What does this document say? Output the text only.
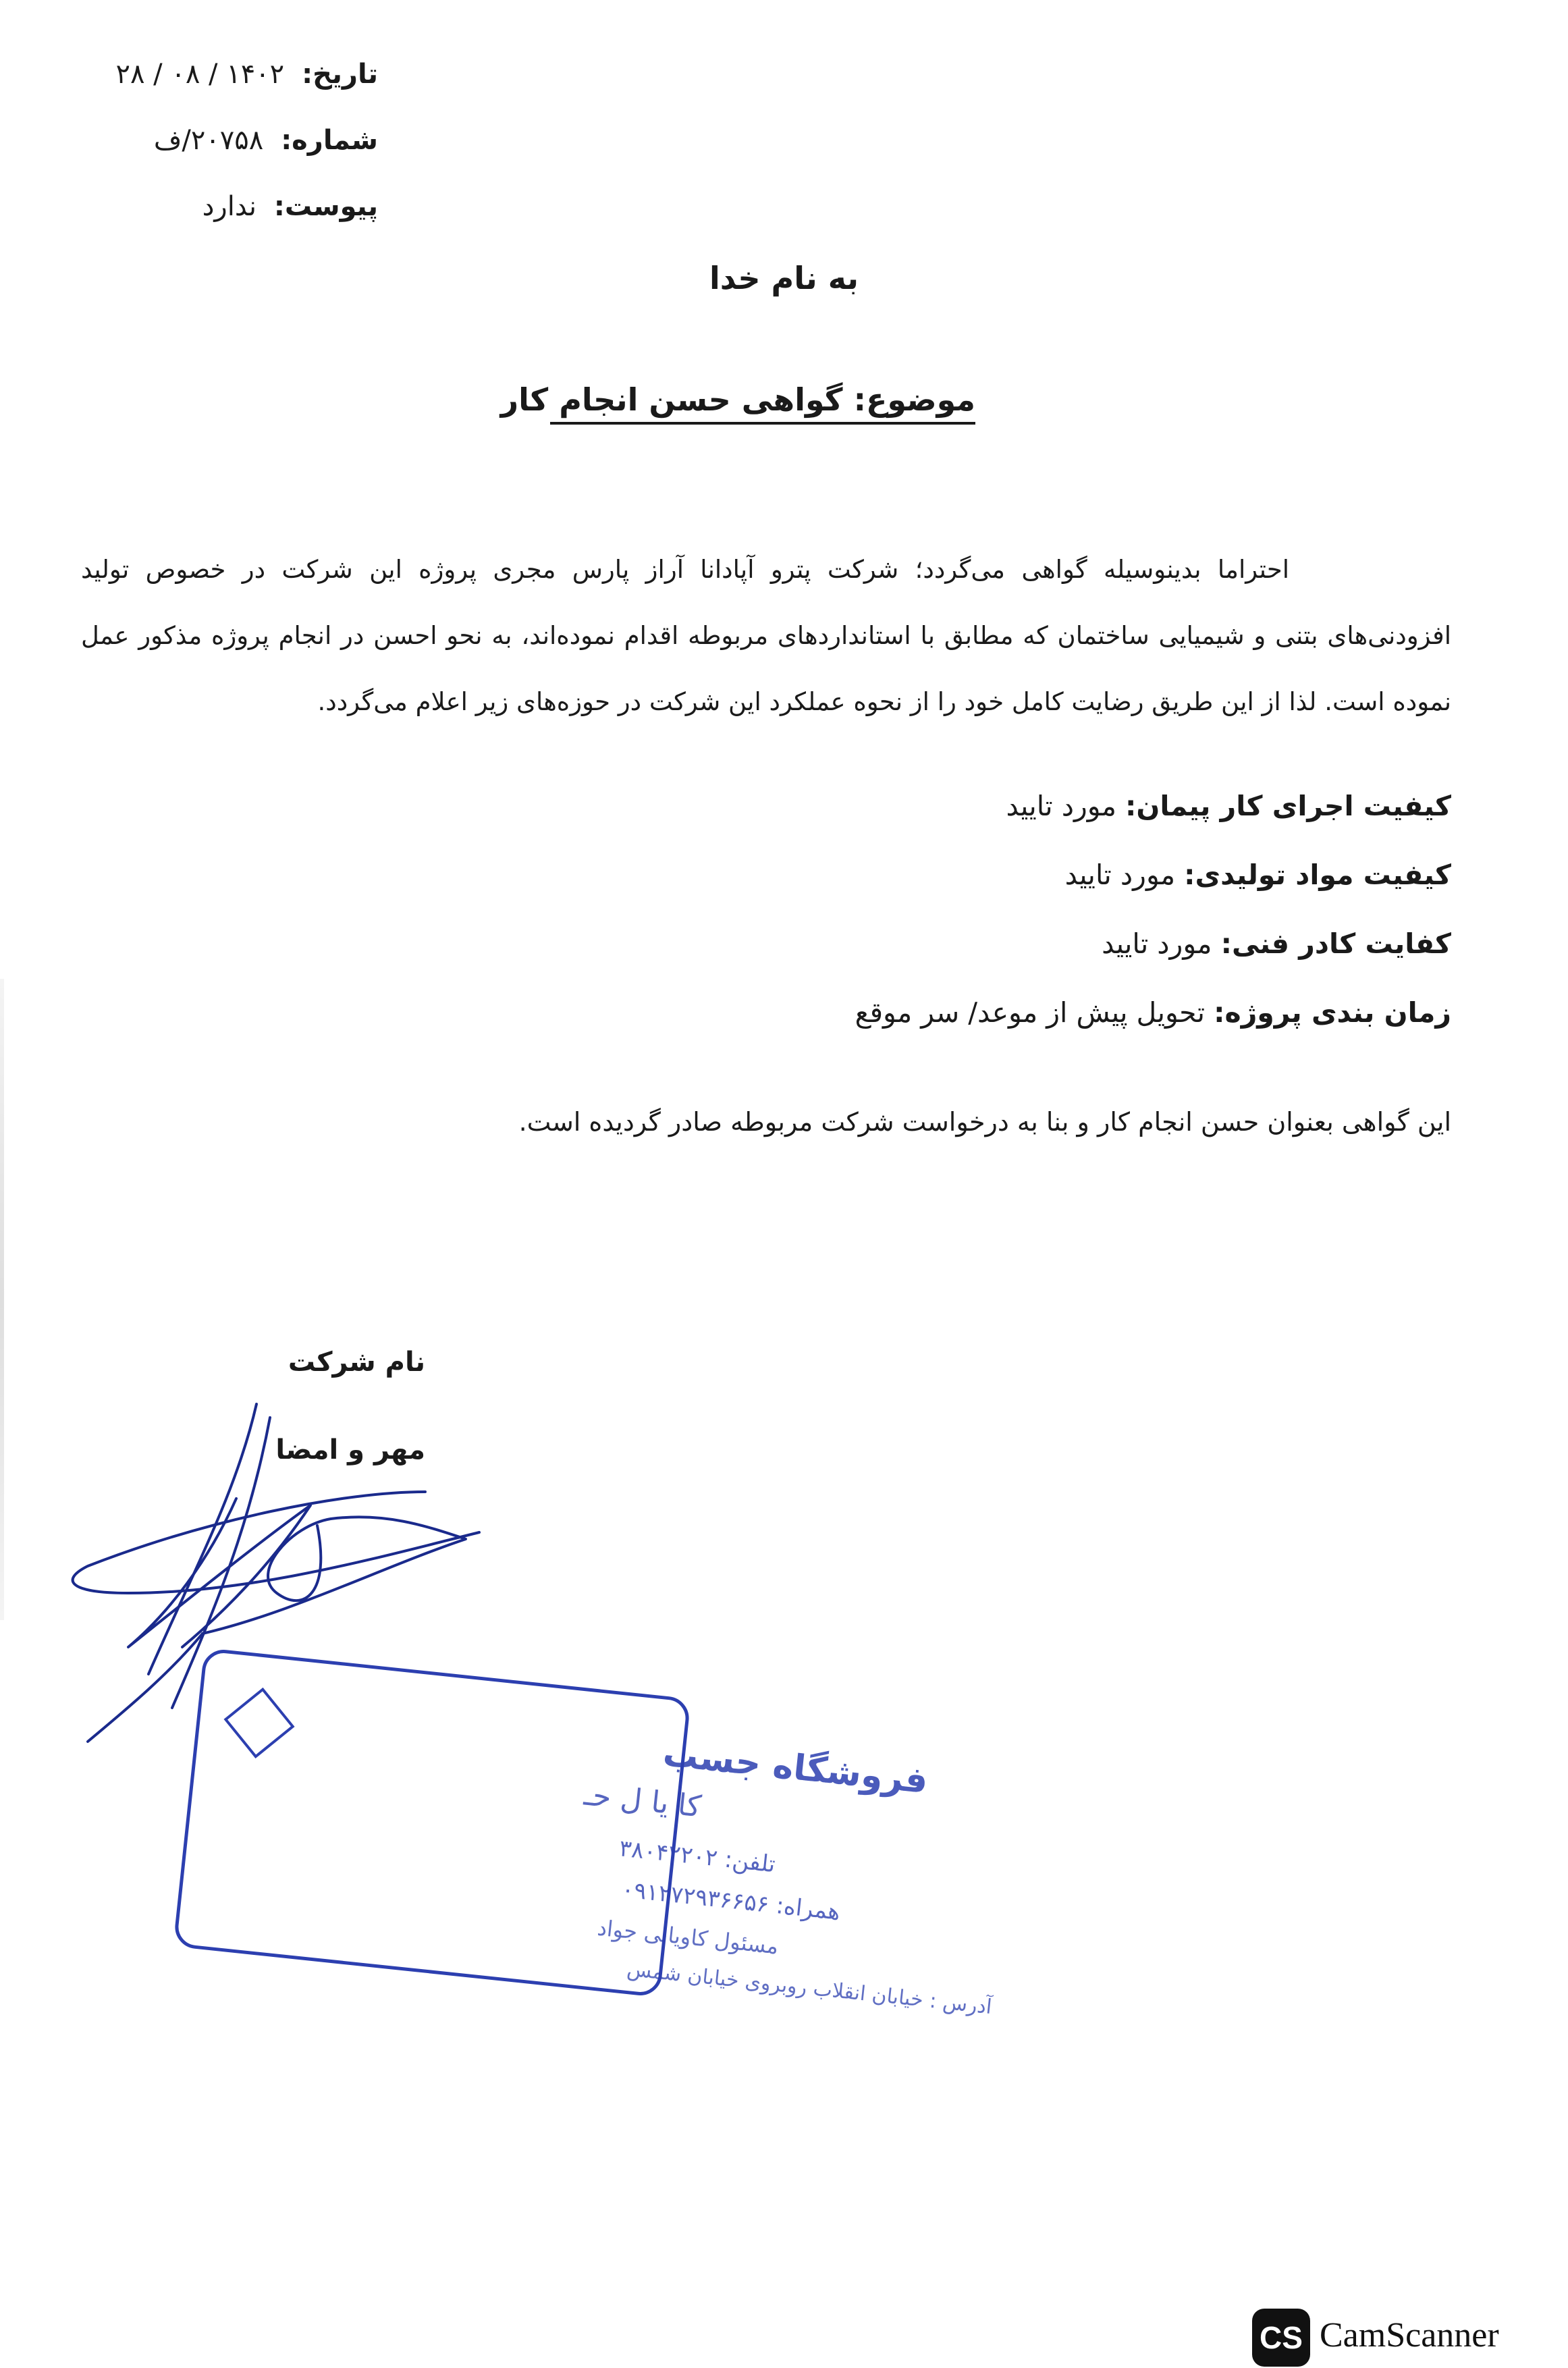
تاریخ: ۱۴۰۲ / ۰۸ / ۲۸
شماره: ۲۰۷۵۸/ف
پیوست: ندارد
به نام خدا
موضوع: گواهی حسن انجام کار
احتراما بدینوسیله گواهی می‌گردد؛ شرکت پترو آپادانا آراز پارس مجری پروژه این شرکت در خصوص تولید افزودنی‌های بتنی و شیمیایی ساختمان که مطابق با استانداردهای مربوطه اقدام نموده‌اند، به نحو احسن در انجام پروژه مذکور عمل نموده است. لذا از این طریق رضایت کامل خود را از نحوه عملکرد این شرکت در حوزه‌های زیر اعلام می‌گردد.
کیفیت اجرای کار پیمان: مورد تایید
کیفیت مواد تولیدی: مورد تایید
کفایت کادر فنی: مورد تایید
زمان بندی پروژه: تحویل پیش از موعد/ سر موقع
این گواهی بعنوان حسن انجام کار و بنا به درخواست شرکت مربوطه صادر گردیده است.
نام شرکت
مهر و امضا
فروشگاه جسب
کا یا ل حـ
تلفن: ۳۸۰۴۲۲۰۲
همراه: ۰۹۱۲۷۲۹۳۶۶۵۶
مسئول کاویانی جواد
آدرس : خیابان انقلاب روبروی خیابان شمس
CS CamScanner
